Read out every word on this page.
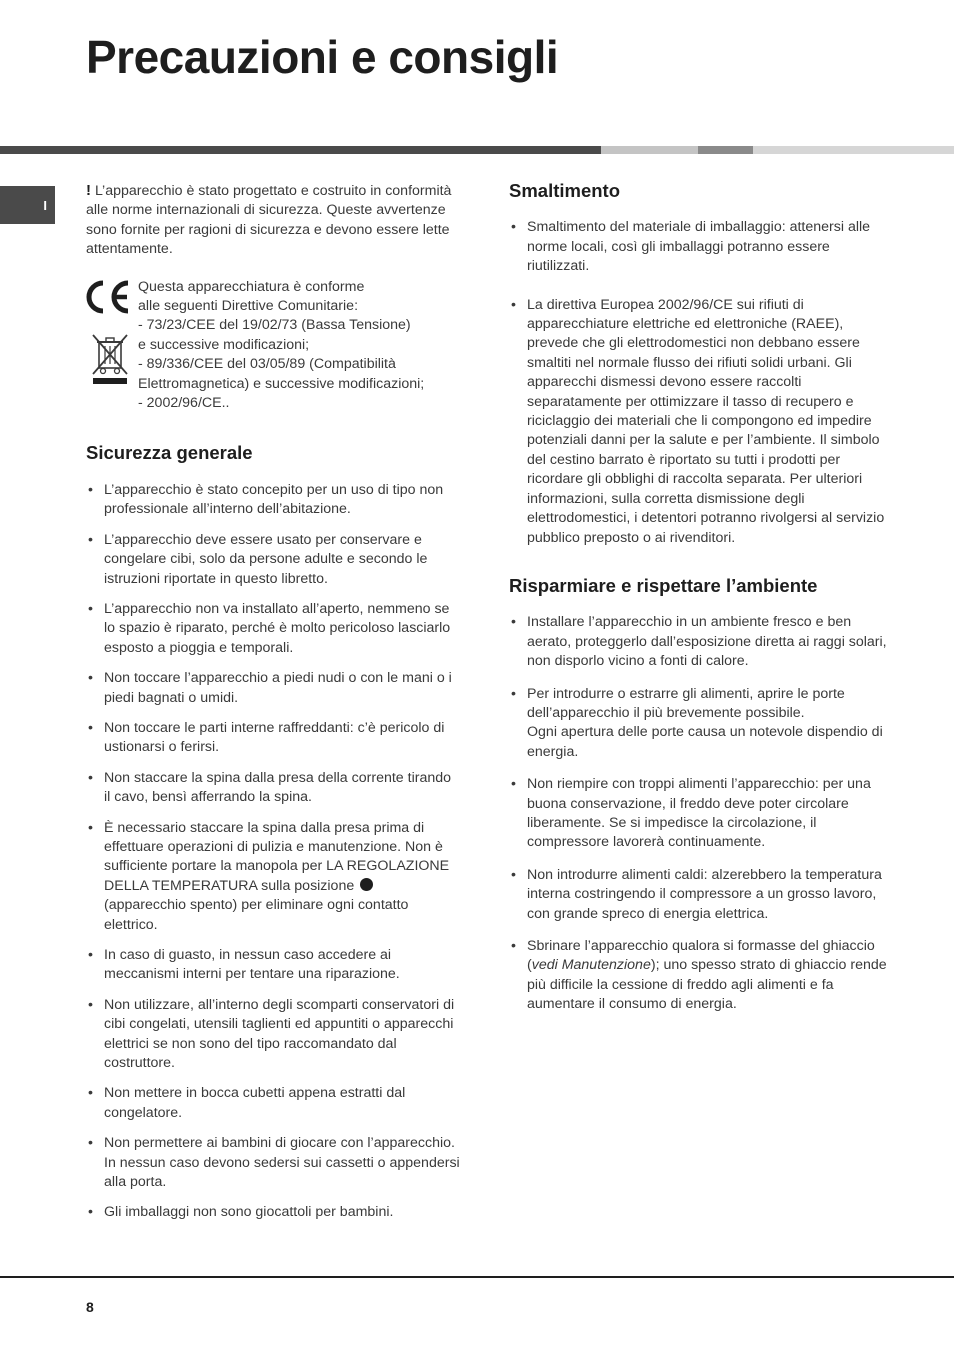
Precauzioni e consigli
I

! L’apparecchio è stato progettato e costruito in conformità alle norme internazionali di sicurezza. Queste avvertenze sono fornite per ragioni di sicurezza e devono essere lette attentamente.

Questa apparecchiatura è conforme

alle seguenti Direttive Comunitarie:

- 73/23/CEE del 19/02/73 (Bassa Tensione)

e successive modificazioni;

- 89/336/CEE del 03/05/89 (Compatibilità

Elettromagnetica) e successive modificazioni;

- 2002/96/CE..

Sicurezza generale
• L’apparecchio è stato concepito per un uso di tipo non professionale all’interno dell’abitazione.
• L’apparecchio deve essere usato per conservare e congelare cibi, solo da persone adulte e secondo le istruzioni riportate in questo libretto.
• L’apparecchio non va installato all’aperto, nemmeno se lo spazio è riparato, perché è molto pericoloso lasciarlo esposto a pioggia e temporali.
• Non toccare l’apparecchio a piedi nudi o con le mani o i piedi bagnati o umidi.
• Non toccare le parti interne raffreddanti: c’è pericolo di ustionarsi o ferirsi.
• Non staccare la spina dalla presa della corrente tirando il cavo, bensì afferrando la spina.
• È necessario staccare la spina dalla presa prima di effettuare operazioni di pulizia e manutenzione. Non è sufficiente portare la manopola per LA REGOLAZIONE DELLA TEMPERATURA sulla posizione  (apparecchio spento) per eliminare ogni contatto elettrico.
• In caso di guasto, in nessun caso accedere ai meccanismi interni per tentare una riparazione.
• Non utilizzare, all’interno degli scomparti conservatori di cibi congelati, utensili taglienti ed appuntiti o apparecchi elettrici se non sono del tipo raccomandato dal costruttore.
• Non mettere in bocca cubetti appena estratti dal congelatore.
• Non permettere ai bambini di giocare con l’apparecchio. In nessun caso devono sedersi sui cassetti o appendersi alla porta.
• Gli imballaggi non sono giocattoli per bambini.
Smaltimento
• Smaltimento del materiale di imballaggio: attenersi alle norme locali, così gli imballaggi potranno essere riutilizzati.
• La direttiva Europea 2002/96/CE sui rifiuti di apparecchiature elettriche ed elettroniche (RAEE), prevede che gli elettrodomestici non debbano essere smaltiti nel normale flusso dei rifiuti solidi urbani. Gli apparecchi dismessi devono essere raccolti separatamente per ottimizzare il tasso di recupero e riciclaggio dei materiali che li compongono ed impedire potenziali danni per la salute e per l’ambiente. Il simbolo del cestino barrato è riportato su tutti i prodotti per ricordare gli obblighi di raccolta separata. Per ulteriori informazioni, sulla corretta dismissione degli elettrodomestici, i detentori potranno rivolgersi al servizio pubblico preposto o ai rivenditori.
Risparmiare e rispettare l’ambiente
• Installare l’apparecchio in un ambiente fresco e ben aerato, proteggerlo dall’esposizione diretta ai raggi solari, non disporlo vicino a fonti di calore.
• Per introdurre o estrarre gli alimenti, aprire le porte dell’apparecchio il più brevemente possibile.
Ogni apertura delle porte causa un notevole dispendio di energia.
• Non riempire con troppi alimenti l’apparecchio: per una buona conservazione, il freddo deve poter circolare liberamente. Se si impedisce la circolazione, il compressore lavorerà continuamente.
• Non introdurre alimenti caldi: alzerebbero la temperatura interna costringendo il compressore a un grosso lavoro, con grande spreco di energia elettrica.
• Sbrinare l’apparecchio qualora si formasse del ghiaccio (vedi Manutenzione); uno spesso strato di ghiaccio rende più difficile la cessione di freddo agli alimenti e fa aumentare il consumo di energia.
8
